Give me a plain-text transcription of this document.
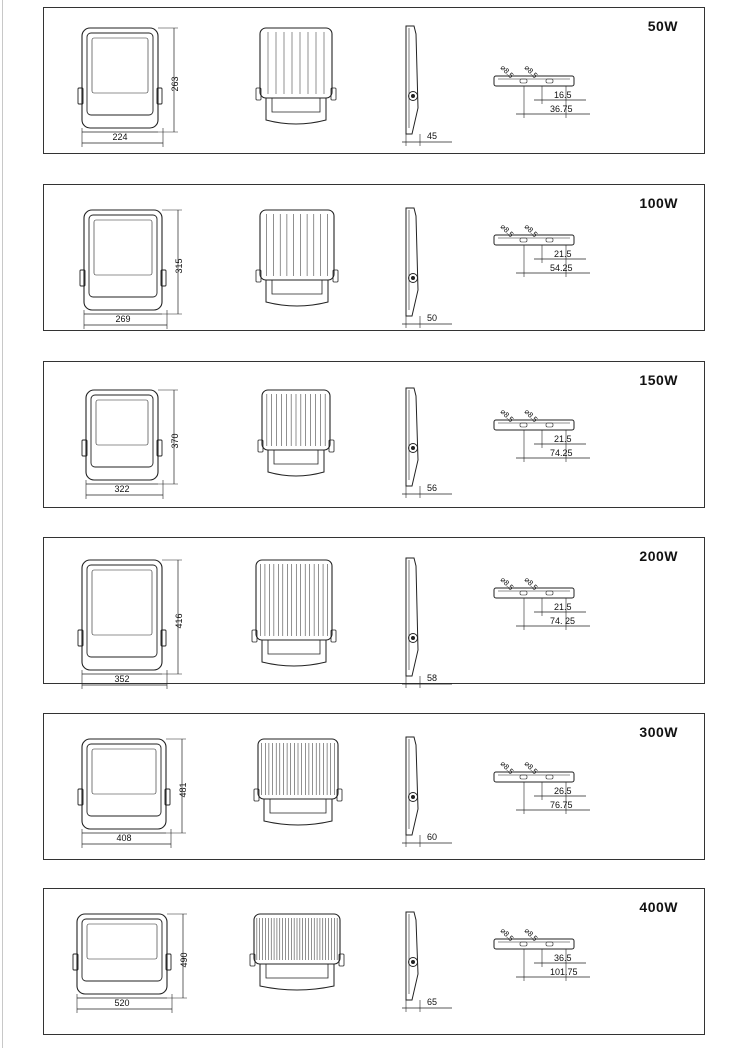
50W
263
224	45
⌀8.5 ⌀8.5
16.5
36.75
100W
315
269	50
⌀8.5 ⌀8.5
21.5
54.25
150W
370
322	56
⌀8.5 ⌀8.5
21.5
74.25
200W
416
352	58
⌀8.5 ⌀8.5
21.5
74. 25
300W
481
408	60
⌀8.5 ⌀8.5
26.5
76.75
400W
490
520	65
⌀8.5 ⌀8.5
36.5
101.75
